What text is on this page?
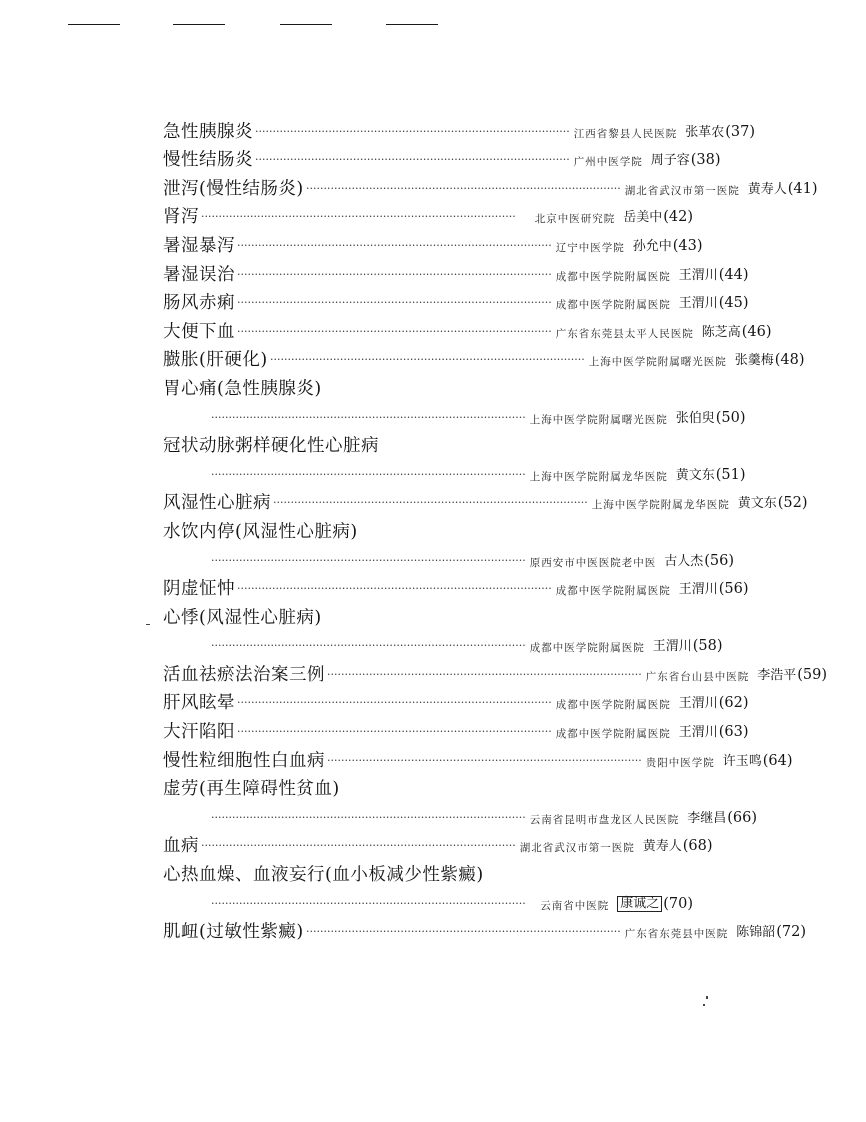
急性胰腺炎 ·························································································· 江西省黎县人民医院 张革农 (37)
慢性结肠炎 ·························································································· 广州中医学院 周子容 (38)
泄泻(慢性结肠炎) ·························································································· 湖北省武汉市第一医院 黄寿人 (41)
肾泻 ··························································································	北京中医研究院 岳美中 (42)
暑湿暴泻 ·························································································· 辽宁中医学院 孙允中 (43)
暑湿误治 ·························································································· 成都中医学院附属医院 王渭川 (44)
肠风赤痢 ·························································································· 成都中医学院附属医院 王渭川 (45)
大便下血 ·························································································· 广东省东莞县太平人民医院 陈芝高 (46)
臌胀(肝硬化) ·························································································· 上海中医学院附属曙光医院 张羹梅 (48)
胃心痛(急性胰腺炎)
·························································································· 上海中医学院附属曙光医院 张伯臾 (50)
冠状动脉粥样硬化性心脏病
·························································································· 上海中医学院附属龙华医院 黄文东 (51)
风湿性心脏病 ·························································································· 上海中医学院附属龙华医院 黄文东 (52)
水饮内停(风湿性心脏病)
·························································································· 原西安市中医医院老中医 古人杰 (56)
阴虚怔忡 ·························································································· 成都中医学院附属医院 王渭川 (56)
心悸(风湿性心脏病)
·························································································· 成都中医学院附属医院 王渭川 (58)
活血祛瘀法治案三例 ·························································································· 广东省台山县中医院 李浩平 (59)
肝风眩晕 ·························································································· 成都中医学院附属医院 王渭川 (62)
大汗陷阳 ·························································································· 成都中医学院附属医院 王渭川 (63)
慢性粒细胞性白血病 ·························································································· 贵阳中医学院 许玉鸣 (64)
虚劳(再生障碍性贫血)
·························································································· 云南省昆明市盘龙区人民医院 李继昌 (66)
血病 ·························································································· 湖北省武汉市第一医院 黄寿人 (68)
心热血燥、血液妄行(血小板减少性紫癜)
··························································································	云南省中医院 康诚之 (70)
肌衄(过敏性紫癜) ·························································································· 广东省东莞县中医院 陈锦韶 (72)
